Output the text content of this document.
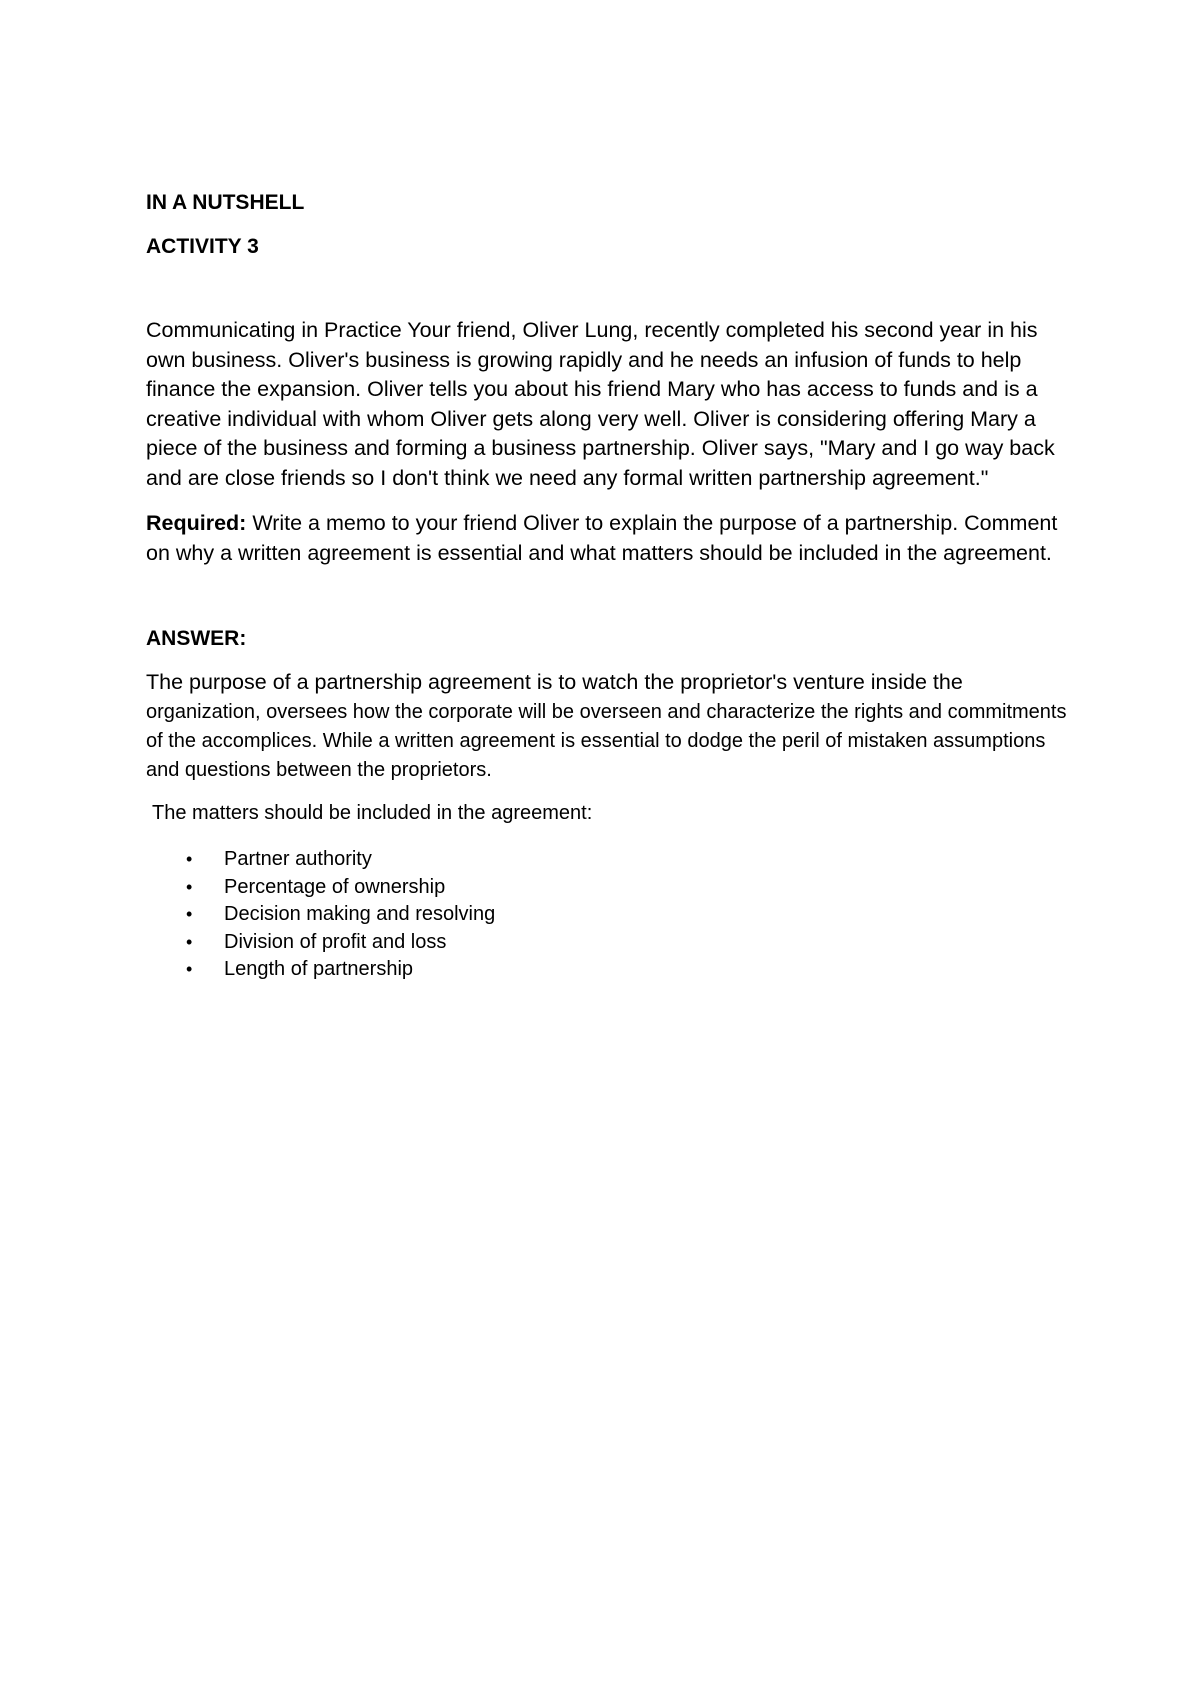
IN A NUTSHELL

ACTIVITY 3

Communicating in Practice Your friend, Oliver Lung, recently completed his second year in his own business. Oliver's business is growing rapidly and he needs an infusion of funds to help finance the expansion. Oliver tells you about his friend Mary who has access to funds and is a creative individual with whom Oliver gets along very well. Oliver is considering offering Mary a piece of the business and forming a business partnership. Oliver says, "Mary and I go way back and are close friends so I don't think we need any formal written partnership agreement."

Required: Write a memo to your friend Oliver to explain the purpose of a partnership. Comment on why a written agreement is essential and what matters should be included in the agreement.

ANSWER:

The purpose of a partnership agreement is to watch the proprietor's venture inside the organization, oversees how the corporate will be overseen and characterize the rights and commitments of the accomplices. While a written agreement is essential to dodge the peril of mistaken assumptions and questions between the proprietors.

The matters should be included in the agreement:

• Partner authority
• Percentage of ownership
• Decision making and resolving
• Division of profit and loss
• Length of partnership
